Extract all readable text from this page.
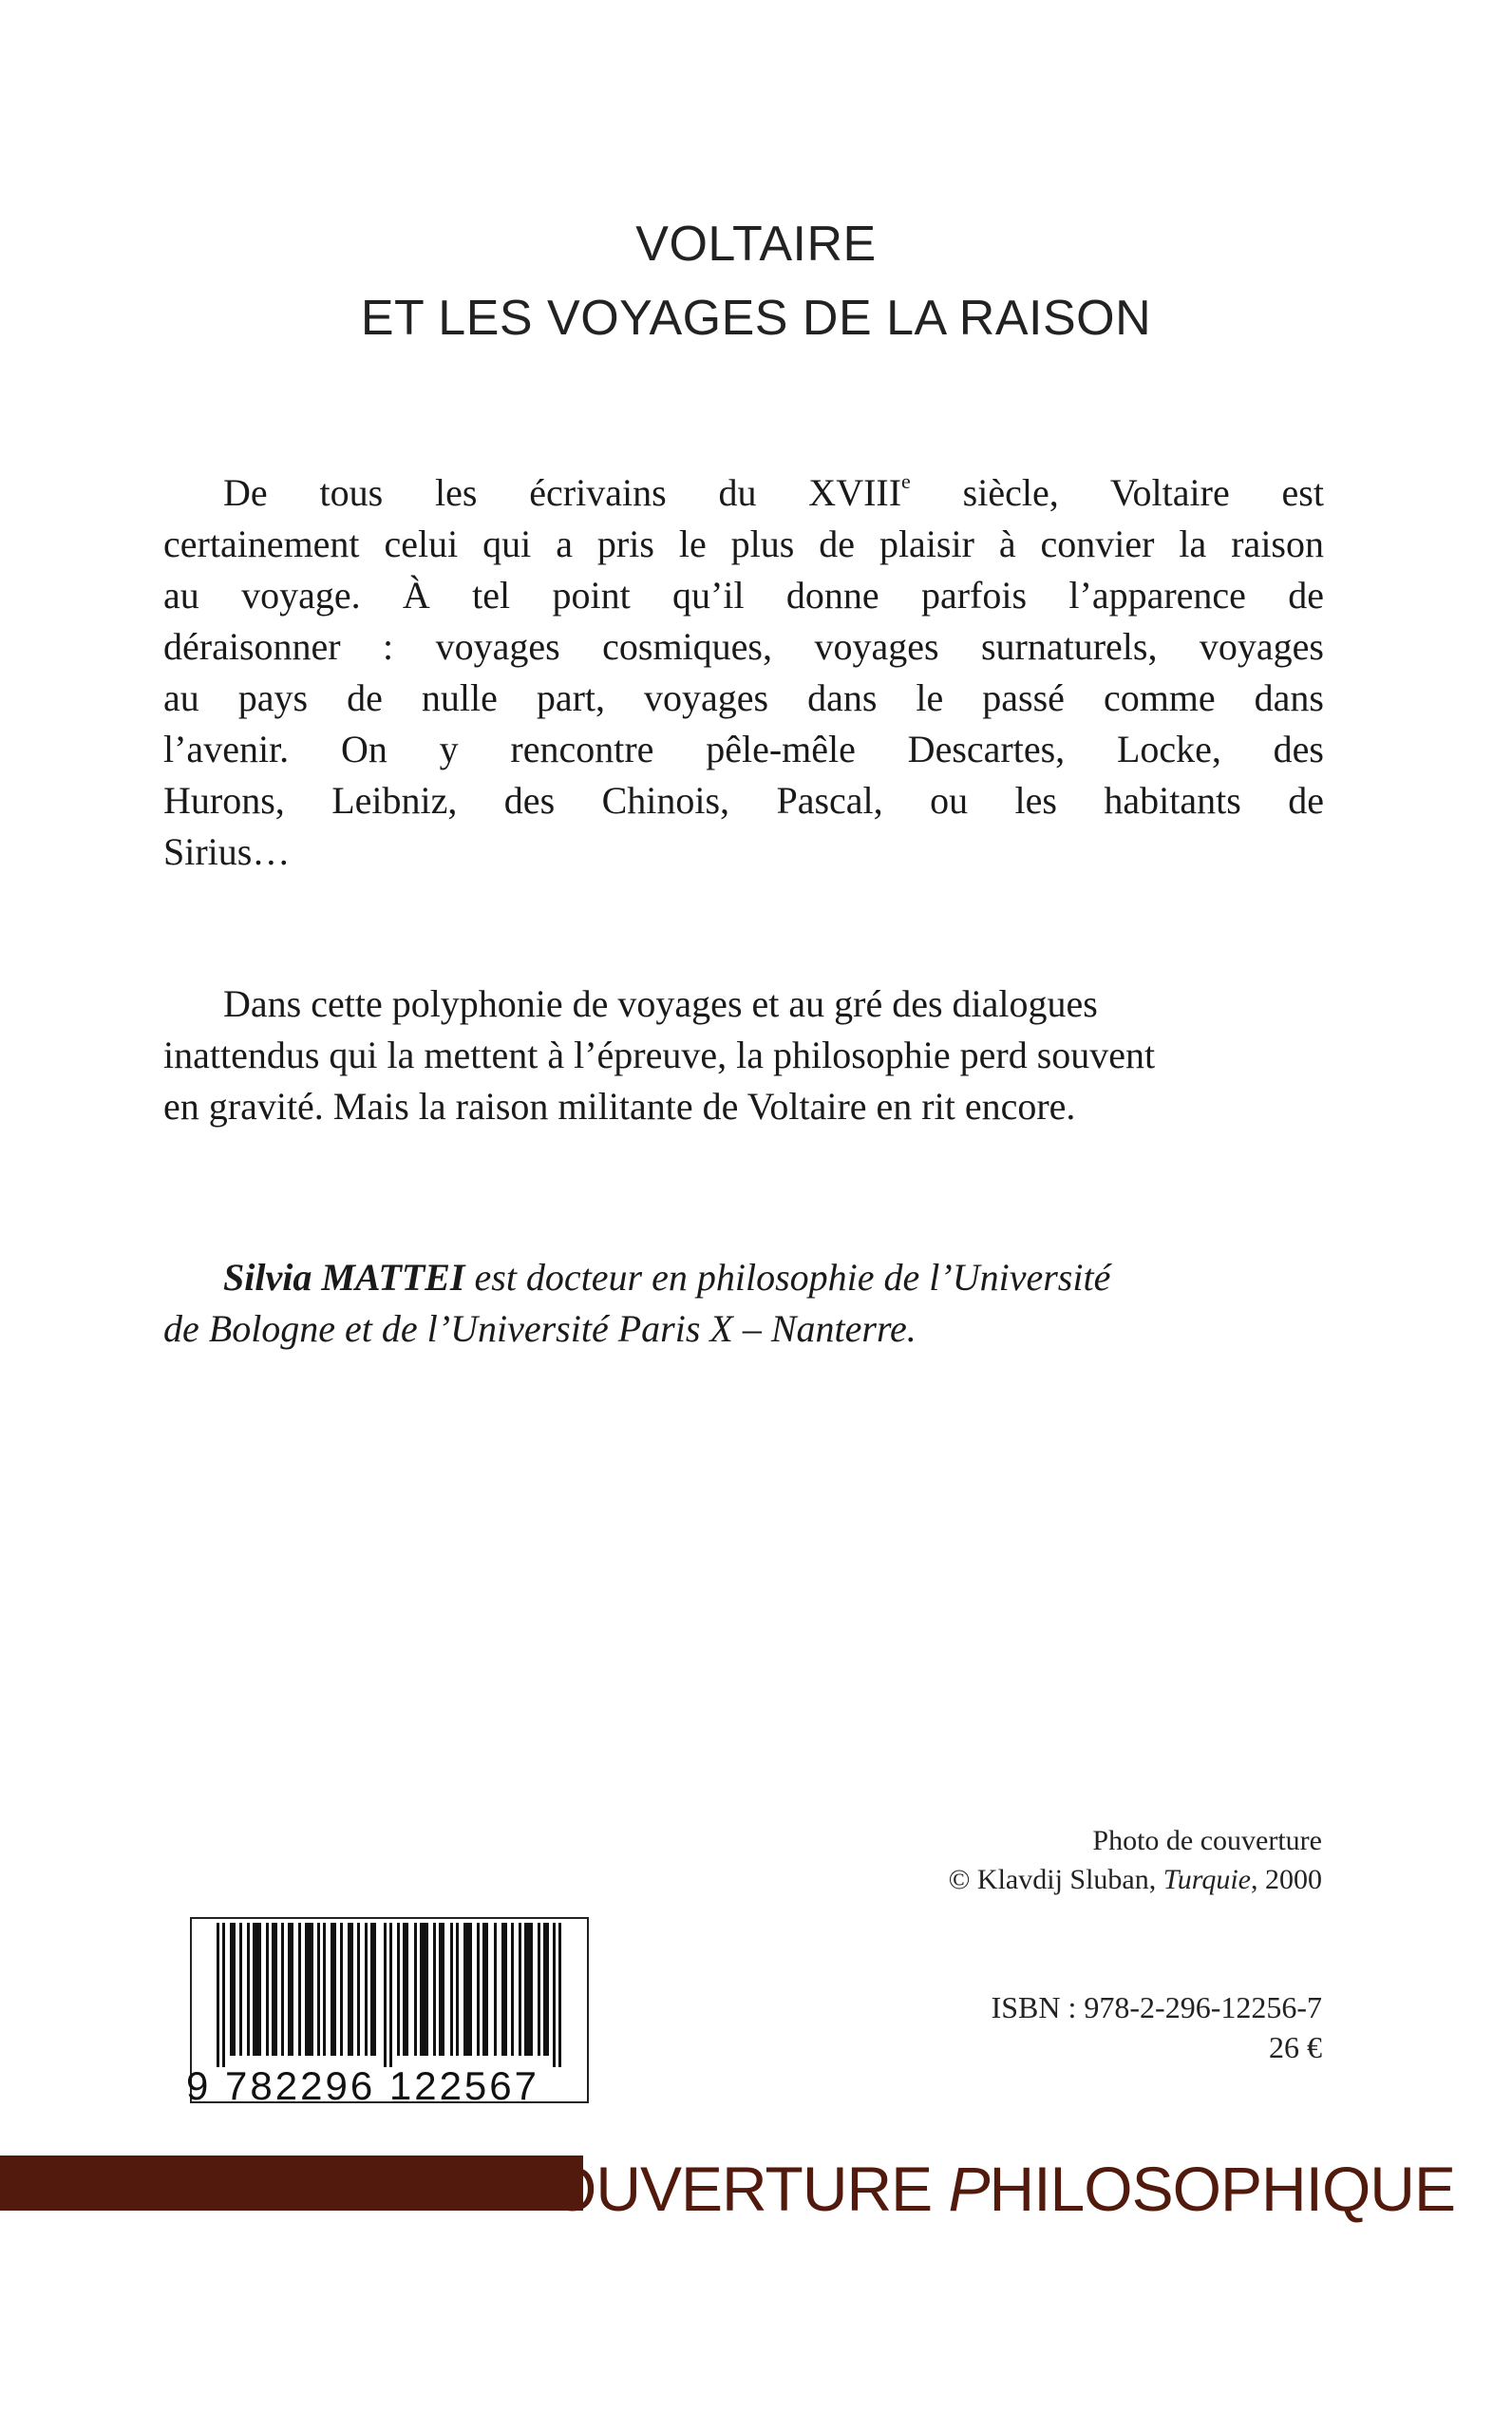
VOLTAIRE
ET LES VOYAGES DE LA RAISON
De tous les écrivains du XVIIIe siècle, Voltaire est
certainement celui qui a pris le plus de plaisir à convier la raison
au voyage. À tel point qu’il donne parfois l’apparence de
déraisonner : voyages cosmiques, voyages surnaturels, voyages
au pays de nulle part, voyages dans le passé comme dans
l’avenir. On y rencontre pêle-mêle Descartes, Locke, des
Hurons, Leibniz, des Chinois, Pascal, ou les habitants de
Sirius…
Dans cette polyphonie de voyages et au gré des dialogues
inattendus qui la mettent à l’épreuve, la philosophie perd souvent
en gravité. Mais la raison militante de Voltaire en rit encore.
Silvia MATTEI est docteur en philosophie de l’Université
de Bologne et de l’Université Paris X – Nanterre.
Photo de couverture
© Klavdij Sluban, Turquie, 2000
9 782296 122567
ISBN : 978-2-296-12256-7
26 €
OUVERTURE PHILOSOPHIQUE
